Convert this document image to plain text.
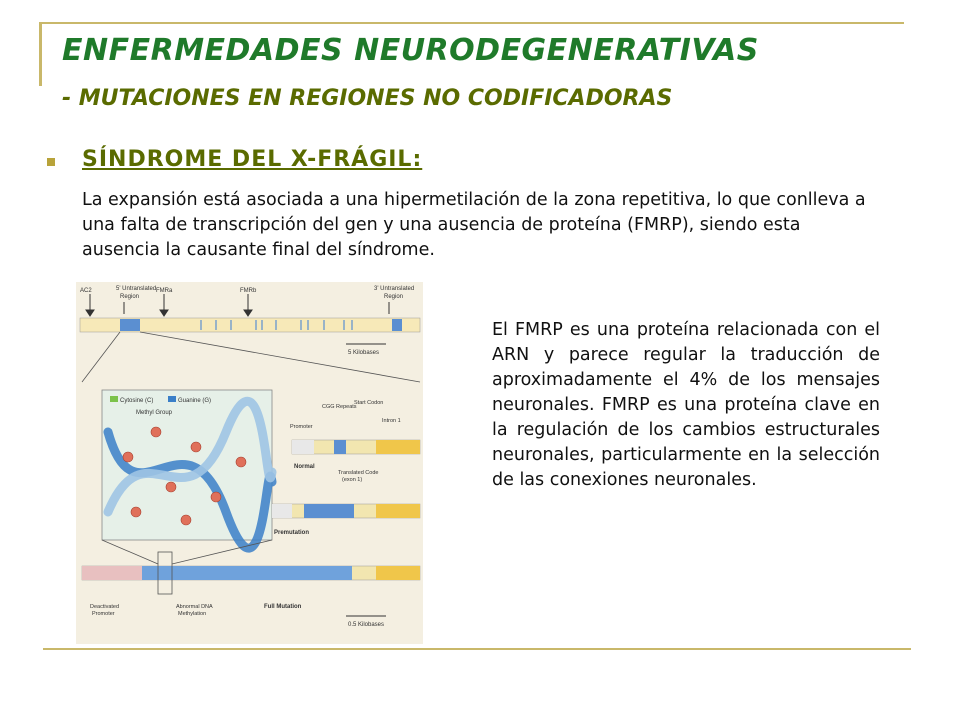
ENFERMEDADES NEURODEGENERATIVAS
- MUTACIONES EN REGIONES NO CODIFICADORAS
SÍNDROME DEL X-FRÁGIL:

La expansión está asociada a una hipermetilación de la zona repetitiva, lo que conlleva a una falta de transcripción del gen y una ausencia de proteína (FMRP), siendo esta ausencia la causante final del síndrome.

AC2	5' Untranslated
Region
FMRa	FMRb	3' Untranslated
Region
5 Kilobases
Cytosine (C)	Guanine (G)
Methyl Group
Promoter
CGG Repeats
Start Codon
Intron 1
Normal
Translated Code
(exon 1)
Premutation
Deactivated
Promoter
Abnormal DNA
Methylation
Full Mutation
0.5 Kilobases

El FMRP es una proteína relacionada con el ARN y parece regular la traducción de aproximadamente el 4% de los mensajes neuronales. FMRP es una proteína clave en la regulación de los cambios estructurales neuronales, particularmente en la selección de las conexiones neuronales.
